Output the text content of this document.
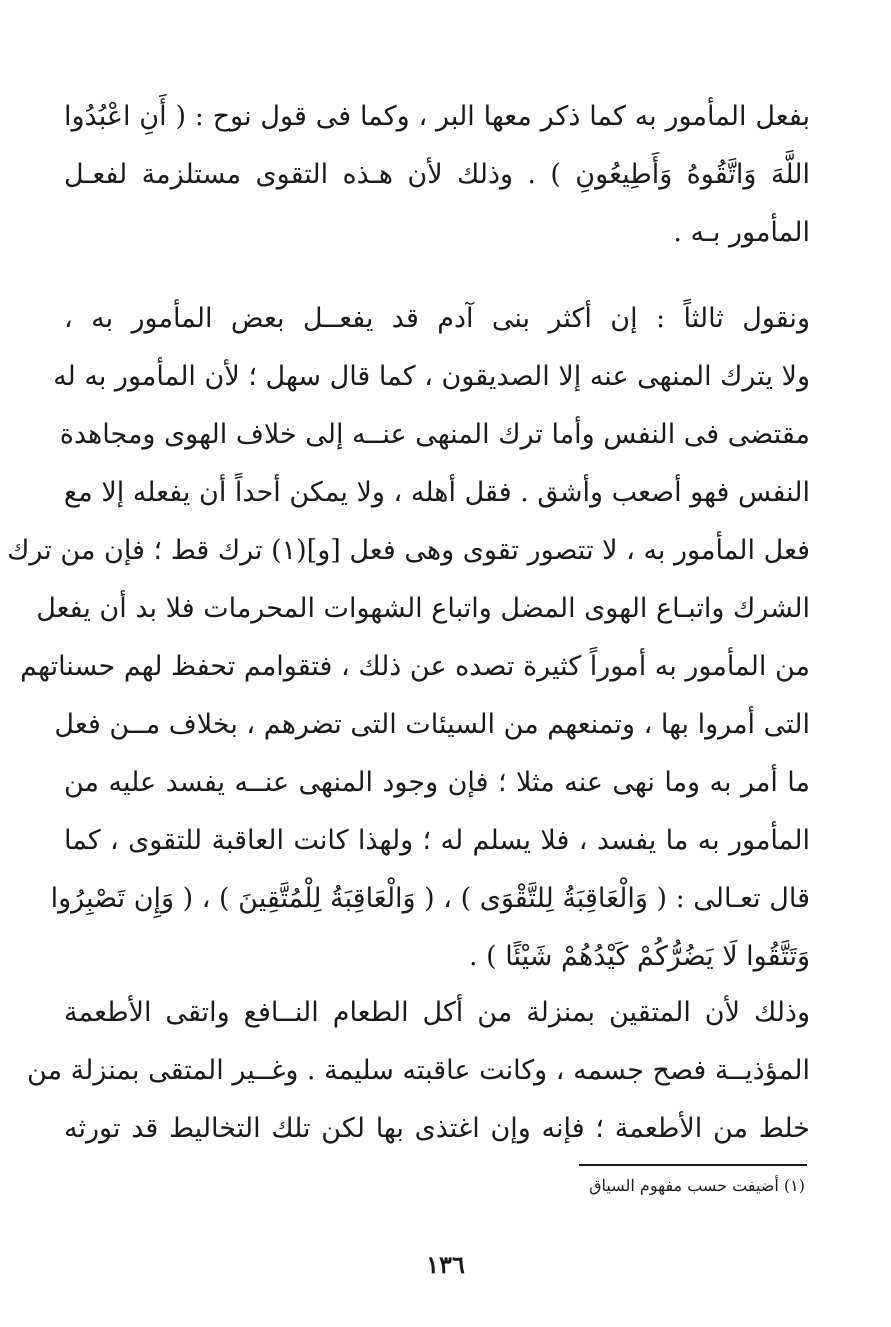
بفعل المأمور به كما ذكر معها البر ، وكما فى قول نوح : ( أَنِ اعْبُدُوا
اللَّهَ وَاتَّقُوهُ وَأَطِيعُونِ ) . وذلك لأن هـذه التقوى مستلزمة لفعـل
المأمور بـه .
ونقول ثالثاً : إن أكثر بنى آدم قد يفعــل بعض المأمور به ،
ولا يترك المنهى عنه إلا الصديقون ، كما قال سهل ؛ لأن المأمور به له
مقتضى فى النفس وأما ترك المنهى عنــه إلى خلاف الهوى ومجاهدة
النفس فهو أصعب وأشق . فقل أهله ، ولا يمكن أحداً أن يفعله إلا مع
فعل المأمور به ، لا تتصور تقوى وهى فعل [و](١) ترك قط ؛ فإن من ترك
الشرك واتبـاع الهوى المضل واتباع الشهوات المحرمات فلا بد أن يفعل
من المأمور به أموراً كثيرة تصده عن ذلك ، فتقوامم تحفظ لهم حسناتهم
التى أمروا بها ، وتمنعهم من السيئات التى تضرهم ، بخلاف مــن فعل
ما أمر به وما نهى عنه مثلا ؛ فإن وجود المنهى عنــه يفسد عليه من
المأمور به ما يفسد ، فلا يسلم له ؛ ولهذا كانت العاقبة للتقوى ، كما
قال تعـالى : ( وَالْعَاقِبَةُ لِلتَّقْوَى ) ، ( وَالْعَاقِبَةُ لِلْمُتَّقِينَ ) ، ( وَإِن تَصْبِرُوا
وَتَتَّقُوا لَا يَضُرُّكُمْ كَيْدُهُمْ شَيْئًا ) .
وذلك لأن المتقين بمنزلة من أكل الطعام النــافع واتقى الأطعمة
المؤذيــة فصح جسمه ، وكانت عاقبته سليمة . وغــير المتقى بمنزلة من
خلط من الأطعمة ؛ فإنه وإن اغتذى بها لكن تلك التخاليط قد تورثه
(١) أضيفت حسب مفهوم السياق
١٣٦
